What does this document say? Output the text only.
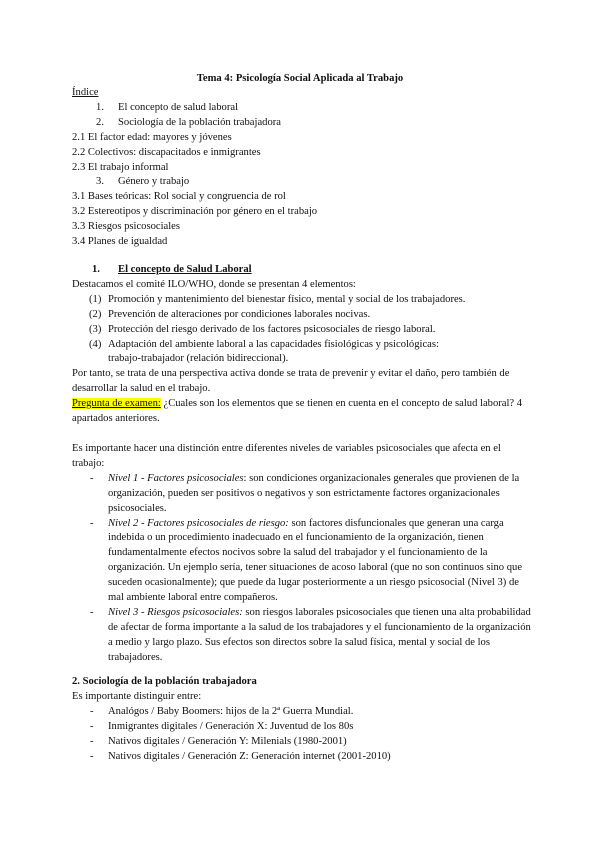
Tema 4: Psicología Social Aplicada al Trabajo
Índice
1. El concepto de salud laboral
2. Sociología de la población trabajadora
2.1 El factor edad: mayores y jóvenes
2.2 Colectivos: discapacitados e inmigrantes
2.3 El trabajo informal
3. Género y trabajo
3.1 Bases teóricas: Rol social y congruencia de rol
3.2 Estereotipos y discriminación por género en el trabajo
3.3 Riesgos psicosociales
3.4 Planes de igualdad
1. El concepto de Salud Laboral
Destacamos el comité ILO/WHO, donde se presentan 4 elementos:
(1) Promoción y mantenimiento del bienestar físico, mental y social de los trabajadores.
(2) Prevención de alteraciones por condiciones laborales nocivas.
(3) Protección del riesgo derivado de los factores psicosociales de riesgo laboral.
(4) Adaptación del ambiente laboral a las capacidades fisiológicas y psicológicas: trabajo-trabajador (relación bidireccional).
Por tanto, se trata de una perspectiva activa donde se trata de prevenir y evitar el daño, pero también de desarrollar la salud en el trabajo.
Pregunta de examen: ¿Cuales son los elementos que se tienen en cuenta en el concepto de salud laboral? 4 apartados anteriores.
Es importante hacer una distinción entre diferentes niveles de variables psicosociales que afecta en el trabajo:
- Nivel 1 - Factores psicosociales: son condiciones organizacionales generales que provienen de la organización, pueden ser positivos o negativos y son estrictamente factores organizacionales psicosociales.
- Nivel 2 - Factores psicosociales de riesgo: son factores disfuncionales que generan una carga indebida o un procedimiento inadecuado en el funcionamiento de la organización, tienen fundamentalmente efectos nocivos sobre la salud del trabajador y el funcionamiento de la organización. Un ejemplo sería, tener situaciones de acoso laboral (que no son continuos sino que suceden ocasionalmente); que puede da lugar posteriormente a un riesgo psicosocial (Nivel 3) de mal ambiente laboral entre compañeros.
- Nivel 3 - Riesgos psicosociales: son riesgos laborales psicosociales que tienen una alta probabilidad de afectar de forma importante a la salud de los trabajadores y el funcionamiento de la organización a medio y largo plazo. Sus efectos son directos sobre la salud física, mental y social de los trabajadores.
2. Sociología de la población trabajadora
Es importante distinguir entre:
- Analógos / Baby Boomers: hijos de la 2ª Guerra Mundial.
- Inmigrantes digitales / Generación X: Juventud de los 80s
- Nativos digitales / Generación Y: Milenials (1980-2001)
- Nativos digitales / Generación Z: Generación internet (2001-2010)
